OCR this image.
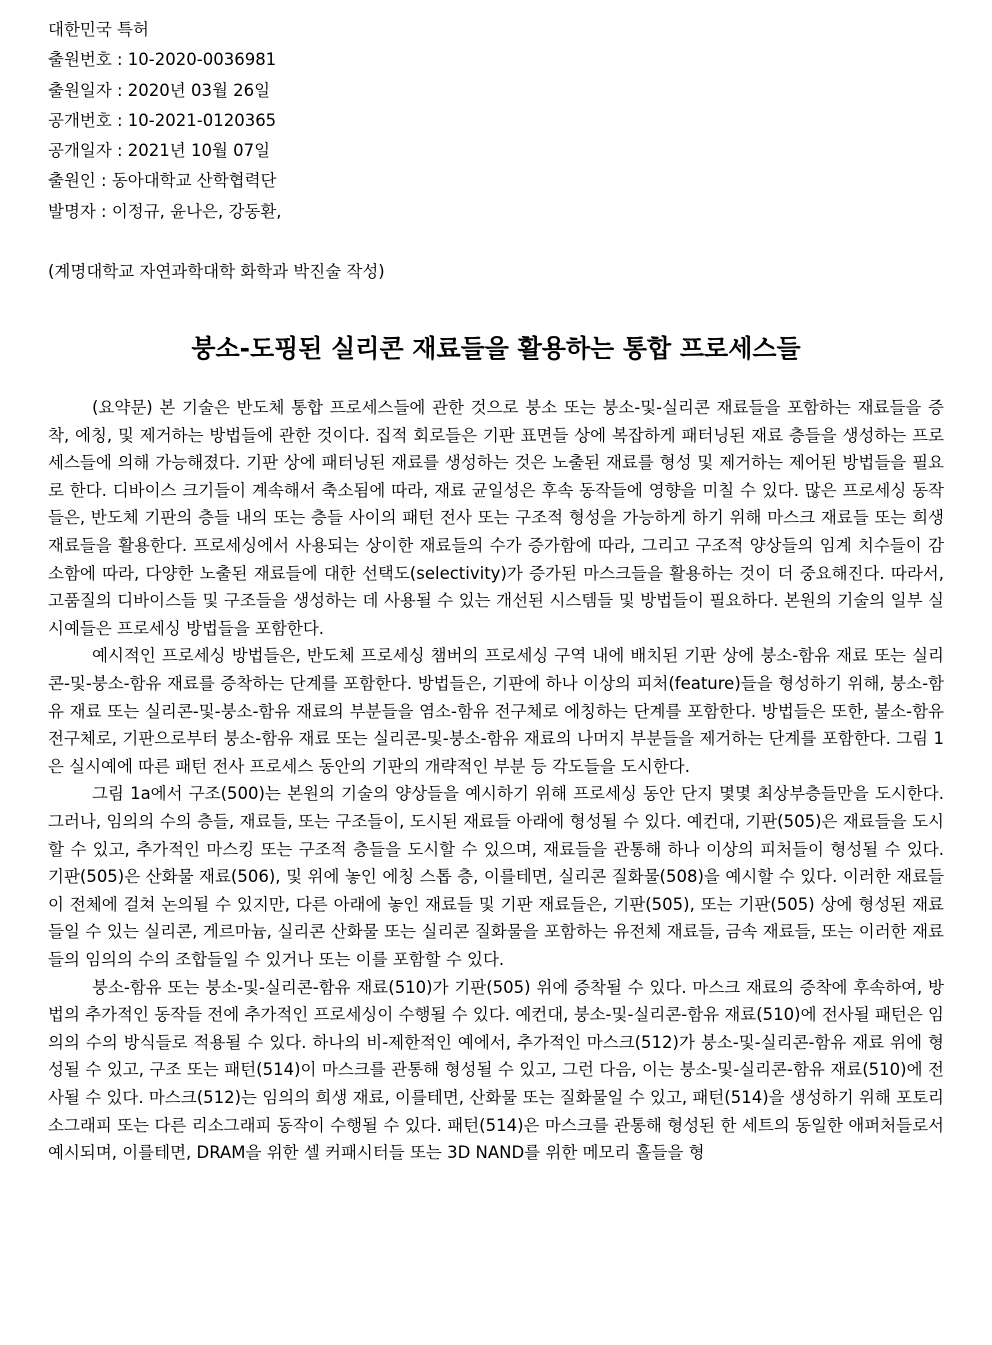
대한민국 특허
출원번호 : 10-2020-0036981
출원일자 : 2020년 03월 26일
공개번호 : 10-2021-0120365
공개일자 : 2021년 10월 07일
출원인 : 동아대학교 산학협력단
발명자 : 이정규, 윤나은, 강동환,
(계명대학교 자연과학대학 화학과 박진술 작성)
붕소-도핑된 실리콘 재료들을 활용하는 통합 프로세스들

(요약문) 본 기술은 반도체 통합 프로세스들에 관한 것으로 붕소 또는 붕소-및-실리콘 재료들을 포함하는 재료들을 증착, 에칭, 및 제거하는 방법들에 관한 것이다. 집적 회로들은 기판 표면들 상에 복잡하게 패터닝된 재료 층들을 생성하는 프로세스들에 의해 가능해졌다. 기판 상에 패터닝된 재료를 생성하는 것은 노출된 재료를 형성 및 제거하는 제어된 방법들을 필요로 한다. 디바이스 크기들이 계속해서 축소됨에 따라, 재료 균일성은 후속 동작들에 영향을 미칠 수 있다. 많은 프로세싱 동작들은, 반도체 기판의 층들 내의 또는 층들 사이의 패턴 전사 또는 구조적 형성을 가능하게 하기 위해 마스크 재료들 또는 희생 재료들을 활용한다. 프로세싱에서 사용되는 상이한 재료들의 수가 증가함에 따라, 그리고 구조적 양상들의 임계 치수들이 감소함에 따라, 다양한 노출된 재료들에 대한 선택도(selectivity)가 증가된 마스크들을 활용하는 것이 더 중요해진다. 따라서, 고품질의 디바이스들 및 구조들을 생성하는 데 사용될 수 있는 개선된 시스템들 및 방법들이 필요하다. 본원의 기술의 일부 실시예들은 프로세싱 방법들을 포함한다.

예시적인 프로세싱 방법들은, 반도체 프로세싱 챔버의 프로세싱 구역 내에 배치된 기판 상에 붕소-함유 재료 또는 실리콘-및-붕소-함유 재료를 증착하는 단계를 포함한다. 방법들은, 기판에 하나 이상의 피처(feature)들을 형성하기 위해, 붕소-함유 재료 또는 실리콘-및-붕소-함유 재료의 부분들을 염소-함유 전구체로 에칭하는 단계를 포함한다. 방법들은 또한, 불소-함유 전구체로, 기판으로부터 붕소-함유 재료 또는 실리콘-및-붕소-함유 재료의 나머지 부분들을 제거하는 단계를 포함한다. 그림 1은 실시예에 따른 패턴 전사 프로세스 동안의 기판의 개략적인 부분 등 각도들을 도시한다.

그림 1a에서 구조(500)는 본원의 기술의 양상들을 예시하기 위해 프로세싱 동안 단지 몇몇 최상부층들만을 도시한다. 그러나, 임의의 수의 층들, 재료들, 또는 구조들이, 도시된 재료들 아래에 형성될 수 있다. 예컨대, 기판(505)은 재료들을 도시할 수 있고, 추가적인 마스킹 또는 구조적 층들을 도시할 수 있으며, 재료들을 관통해 하나 이상의 피처들이 형성될 수 있다. 기판(505)은 산화물 재료(506), 및 위에 놓인 에칭 스톱 층, 이를테면, 실리콘 질화물(508)을 예시할 수 있다. 이러한 재료들이 전체에 걸쳐 논의될 수 있지만, 다른 아래에 놓인 재료들 및 기판 재료들은, 기판(505), 또는 기판(505) 상에 형성된 재료들일 수 있는 실리콘, 게르마늄, 실리콘 산화물 또는 실리콘 질화물을 포함하는 유전체 재료들, 금속 재료들, 또는 이러한 재료들의 임의의 수의 조합들일 수 있거나 또는 이를 포함할 수 있다.

붕소-함유 또는 붕소-및-실리콘-함유 재료(510)가 기판(505) 위에 증착될 수 있다. 마스크 재료의 증착에 후속하여, 방법의 추가적인 동작들 전에 추가적인 프로세싱이 수행될 수 있다. 예컨대, 붕소-및-실리콘-함유 재료(510)에 전사될 패턴은 임의의 수의 방식들로 적용될 수 있다. 하나의 비-제한적인 예에서, 추가적인 마스크(512)가 붕소-및-실리콘-함유 재료 위에 형성될 수 있고, 구조 또는 패턴(514)이 마스크를 관통해 형성될 수 있고, 그런 다음, 이는 붕소-및-실리콘-함유 재료(510)에 전사될 수 있다. 마스크(512)는 임의의 희생 재료, 이를테면, 산화물 또는 질화물일 수 있고, 패턴(514)을 생성하기 위해 포토리소그래피 또는 다른 리소그래피 동작이 수행될 수 있다. 패턴(514)은 마스크를 관통해 형성된 한 세트의 동일한 애퍼처들로서 예시되며, 이를테면, DRAM을 위한 셀 커패시터들 또는 3D NAND를 위한 메모리 홀들을 형
